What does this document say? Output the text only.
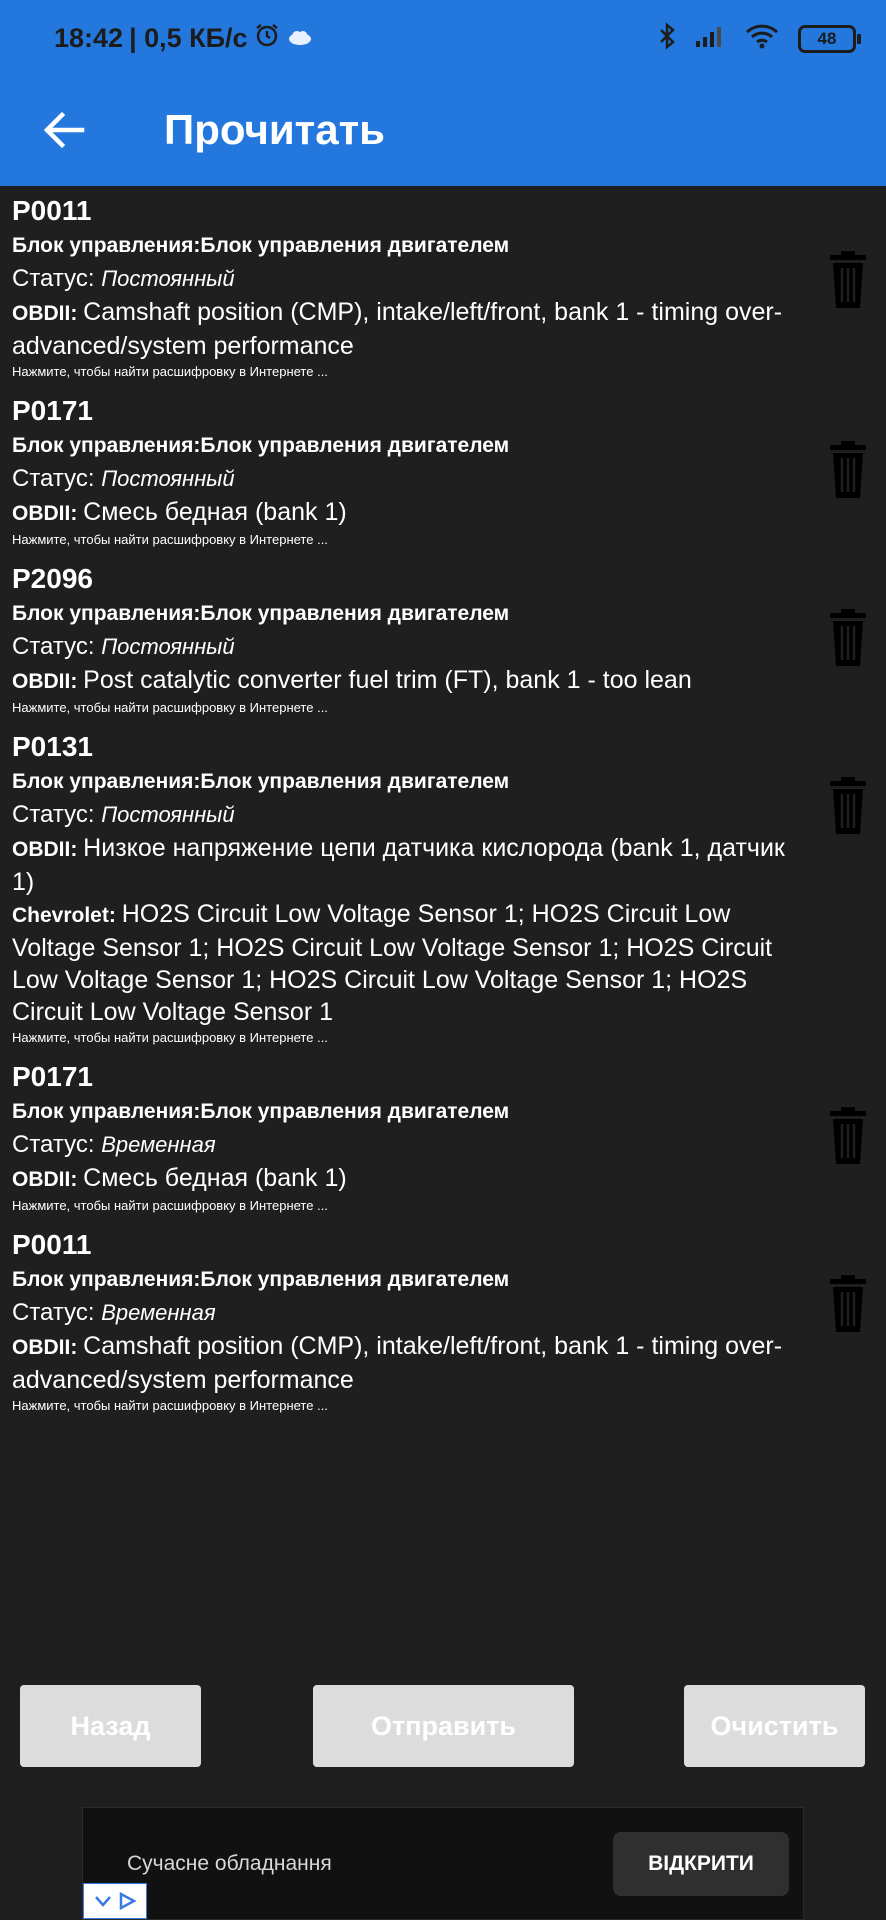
18:42 | 0,5 КБ/с	48
Прочитать
P0011
Блок управления:Блок управления двигателем
Статус: Постоянный
OBDII: Camshaft position (CMP), intake/left/front, bank 1 - timing over-advanced/system performance
Нажмите, чтобы найти расшифровку в Интернете ...
P0171
Блок управления:Блок управления двигателем
Статус: Постоянный
OBDII: Смесь бедная (bank 1)
Нажмите, чтобы найти расшифровку в Интернете ...
P2096
Блок управления:Блок управления двигателем
Статус: Постоянный
OBDII: Post catalytic converter fuel trim (FT), bank 1 - too lean
Нажмите, чтобы найти расшифровку в Интернете ...
P0131
Блок управления:Блок управления двигателем
Статус: Постоянный
OBDII: Низкое напряжение цепи датчика кислорода (bank 1, датчик 1)
Chevrolet: HO2S Circuit Low Voltage Sensor 1; HO2S Circuit Low Voltage Sensor 1; HO2S Circuit Low Voltage Sensor 1; HO2S Circuit Low Voltage Sensor 1; HO2S Circuit Low Voltage Sensor 1; HO2S Circuit Low Voltage Sensor 1
Нажмите, чтобы найти расшифровку в Интернете ...
P0171
Блок управления:Блок управления двигателем
Статус: Временная
OBDII: Смесь бедная (bank 1)
Нажмите, чтобы найти расшифровку в Интернете ...
P0011
Блок управления:Блок управления двигателем
Статус: Временная
OBDII: Camshaft position (CMP), intake/left/front, bank 1 - timing over-advanced/system performance
Нажмите, чтобы найти расшифровку в Интернете ...
Назад	Отправить	Очистить
Сучасне обладнання	ВІДКРИТИ
